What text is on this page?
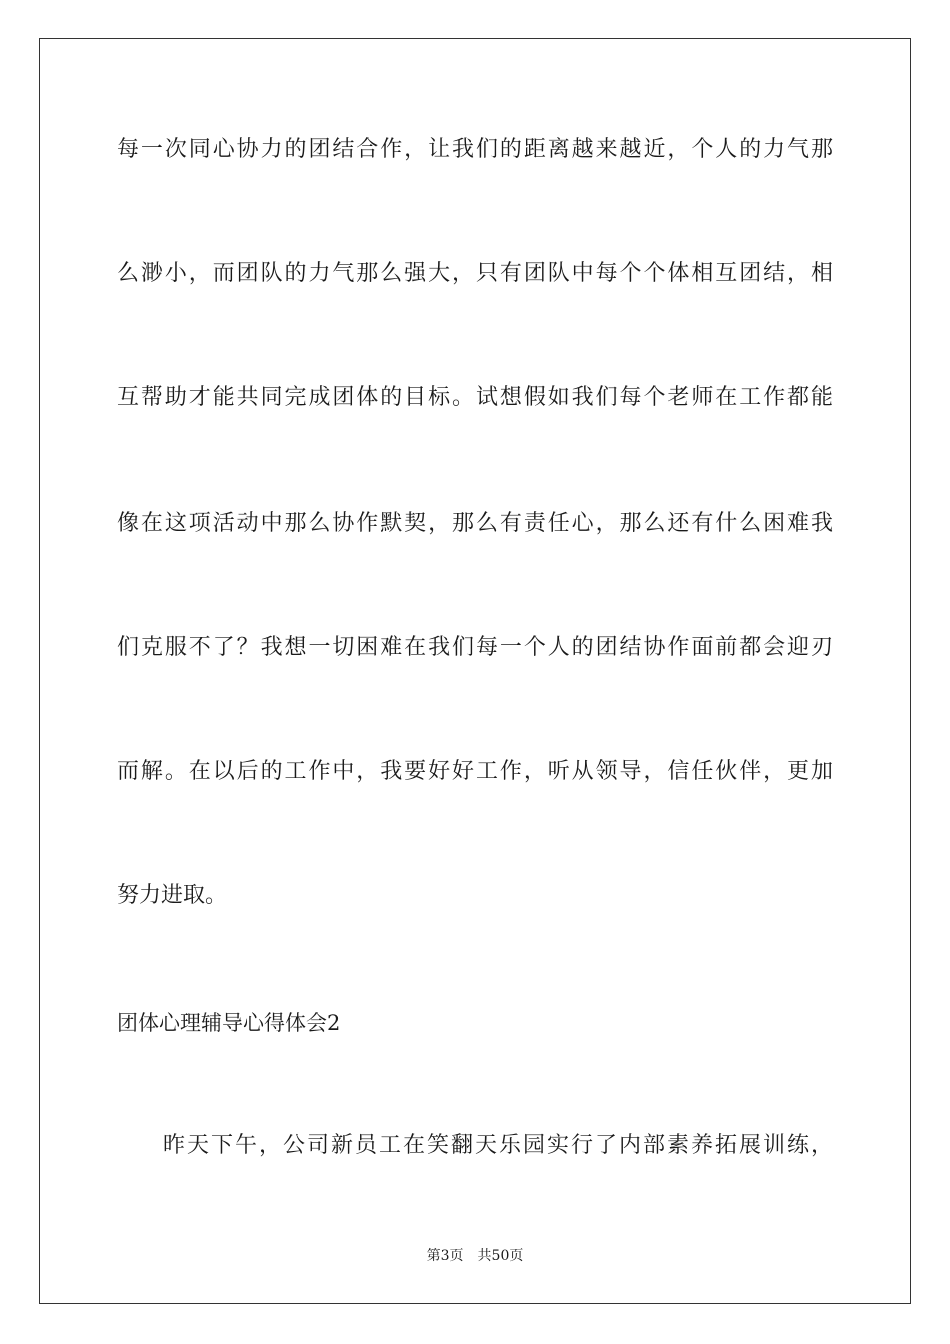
每一次同心协力的团结合作，让我们的距离越来越近，个人的力气那
么渺小，而团队的力气那么强大，只有团队中每个个体相互团结，相
互帮助才能共同完成团体的目标。试想假如我们每个老师在工作都能
像在这项活动中那么协作默契，那么有责任心，那么还有什么困难我
们克服不了？我想一切困难在我们每一个人的团结协作面前都会迎刃
而解。在以后的工作中，我要好好工作，听从领导，信任伙伴，更加
努力进取。
团体心理辅导心得体会2
昨天下午，公司新员工在笑翻天乐园实行了内部素养拓展训练，
第3页 共50页
